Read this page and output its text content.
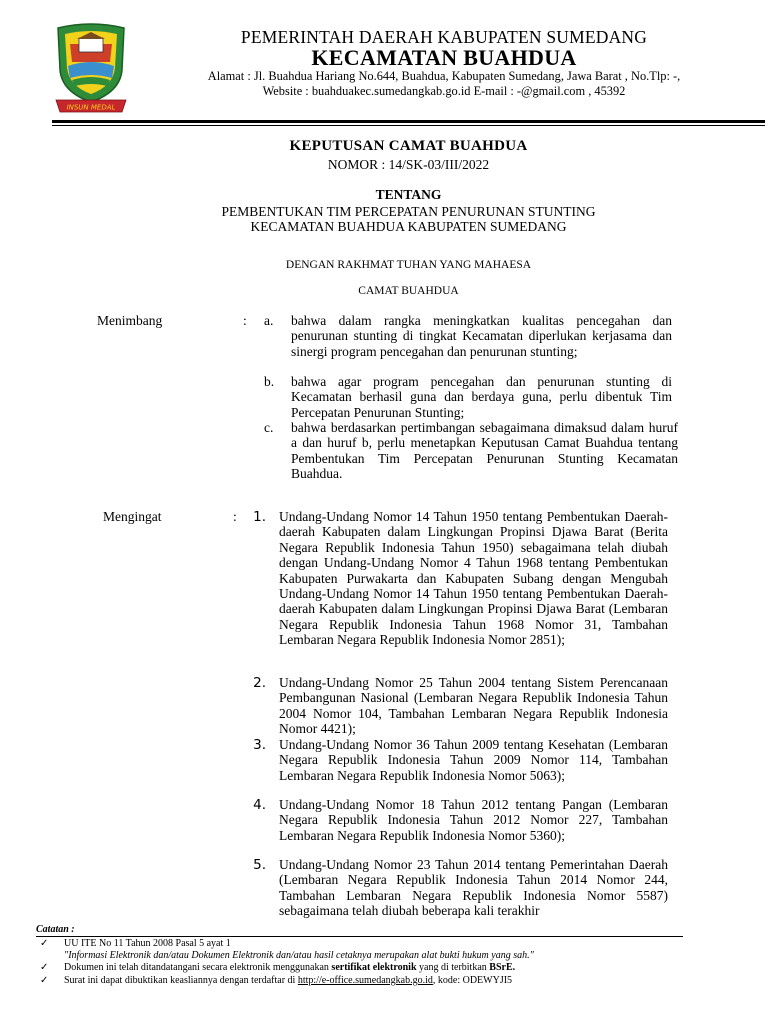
INSUN MEDAL
PEMERINTAH DAERAH KABUPATEN SUMEDANG
KECAMATAN BUAHDUA
Alamat : Jl. Buahdua Hariang No.644, Buahdua, Kabupaten Sumedang, Jawa Barat , No.Tlp: -,
Website : buahduakec.sumedangkab.go.id E-mail : -@gmail.com , 45392
KEPUTUSAN CAMAT BUAHDUA
NOMOR : 14/SK-03/III/2022
TENTANG
PEMBENTUKAN TIM PERCEPATAN PENURUNAN STUNTING
KECAMATAN BUAHDUA KABUPATEN SUMEDANG
DENGAN RAKHMAT TUHAN YANG MAHAESA
CAMAT BUAHDUA
Menimbang	: a. bahwa dalam rangka meningkatkan kualitas pencegahan dan penurunan stunting di tingkat Kecamatan diperlukan kerjasama dan sinergi program pencegahan dan penurunan stunting;
b. bahwa agar program pencegahan dan penurunan stunting di Kecamatan berhasil guna dan berdaya guna, perlu dibentuk Tim Percepatan Penurunan Stunting;
c. bahwa berdasarkan pertimbangan sebagaimana dimaksud dalam huruf a dan huruf b, perlu menetapkan Keputusan Camat Buahdua tentang Pembentukan Tim Percepatan Penurunan Stunting Kecamatan Buahdua.
Mengingat	:	1. Undang-Undang Nomor 14 Tahun 1950 tentang Pembentukan Daerah-daerah Kabupaten dalam Lingkungan Propinsi Djawa Barat (Berita Negara Republik Indonesia Tahun 1950) sebagaimana telah diubah dengan Undang-Undang Nomor 4 Tahun 1968 tentang Pembentukan Kabupaten Purwakarta dan Kabupaten Subang dengan Mengubah Undang-Undang Nomor 14 Tahun 1950 tentang Pembentukan Daerah-daerah Kabupaten dalam Lingkungan Propinsi Djawa Barat (Lembaran Negara Republik Indonesia Tahun 1968 Nomor 31, Tambahan Lembaran Negara Republik Indonesia Nomor 2851);
2. Undang-Undang Nomor 25 Tahun 2004 tentang Sistem Perencanaan Pembangunan Nasional (Lembaran Negara Republik Indonesia Tahun 2004 Nomor 104, Tambahan Lembaran Negara Republik Indonesia Nomor 4421);
3. Undang-Undang Nomor 36 Tahun 2009 tentang Kesehatan (Lembaran Negara Republik Indonesia Tahun 2009 Nomor 114, Tambahan Lembaran Negara Republik Indonesia Nomor 5063);
4. Undang-Undang Nomor 18 Tahun 2012 tentang Pangan (Lembaran Negara Republik Indonesia Tahun 2012 Nomor 227, Tambahan Lembaran Negara Republik Indonesia Nomor 5360);
5. Undang-Undang Nomor 23 Tahun 2014 tentang Pemerintahan Daerah (Lembaran Negara Republik Indonesia Tahun 2014 Nomor 244, Tambahan Lembaran Negara Republik Indonesia Nomor 5587) sebagaimana telah diubah beberapa kali terakhir
Catatan :
✓ UU ITE No 11 Tahun 2008 Pasal 5 ayat 1
"Informasi Elektronik dan/atau Dokumen Elektronik dan/atau hasil cetaknya merupakan alat bukti hukum yang sah."
✓ Dokumen ini telah ditandatangani secara elektronik menggunakan sertifikat elektronik yang di terbitkan BSrE.
✓ Surat ini dapat dibuktikan keasliannya dengan terdaftar di http://e-office.sumedangkab.go.id, kode: ODEWYJI5
